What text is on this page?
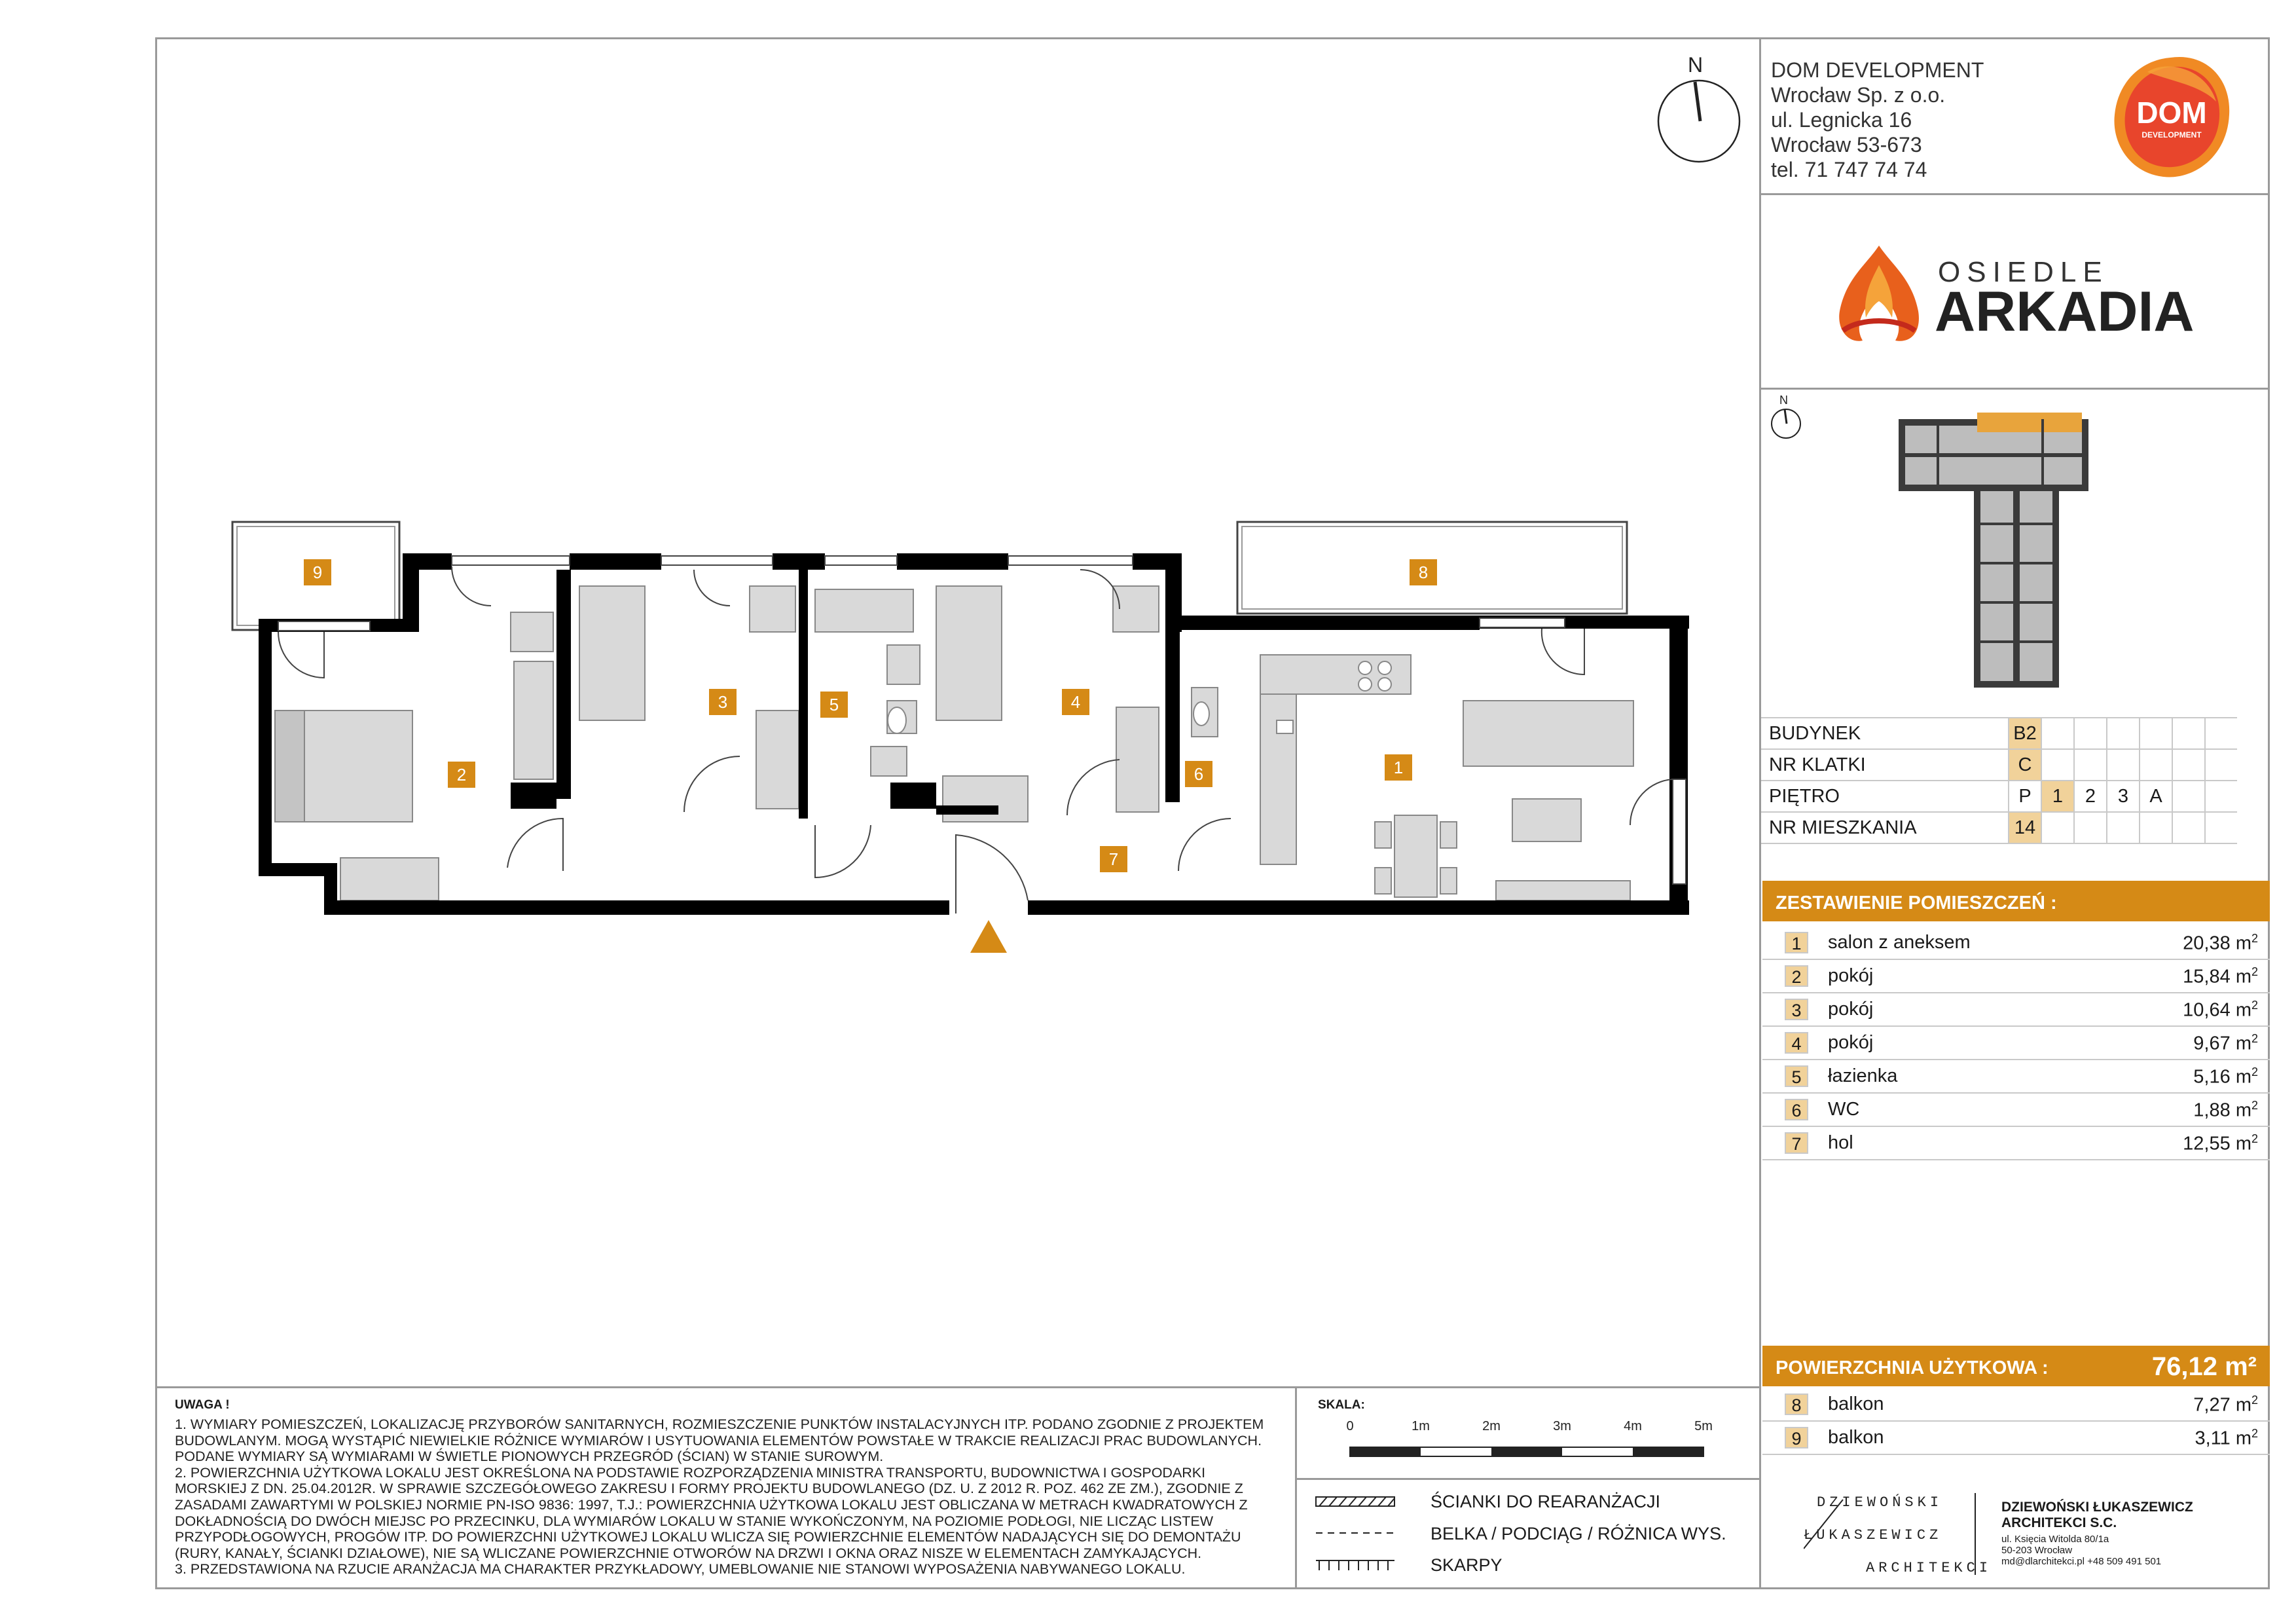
DOM DEVELOPMENT
Wrocław Sp. z o.o.
ul. Legnicka 16
Wrocław 53-673
tel. 71 747 74 74
DOM
DEVELOPMENT
N
OSIEDLE
ARKADIA
N
BUDYNEK	B2						
NR KLATKI	C						
PIĘTRO	P	1	2	3	A		
NR MIESZKANIA	14						
ZESTAWIENIE POMIESZCZEŃ :
1	salon z aneksem	20,38 $m^2$
2	pokój	15,84 $m^2$
3	pokój	10,64 $m^2$
4	pokój	9,67 $m^2$
5	łazienka	5,16 $m^2$
6	WC	1,88 $m^2$
7	hol	12,55 $m^2$
POWIERZCHNIA UŻYTKOWA :	76,12 m²
8	balkon	7,27 $m^2$
9	balkon	3,11 $m^2$
DZIEWOŃSKI
ŁUKASZEWICZ
ARCHITEKCI
DZIEWOŃSKI ŁUKASZEWICZ
ARCHITEKCI S.C.
ul. Księcia Witolda 80/1a
50-203 Wrocław
md@dlarchitekci.pl +48 509 491 501
UWAGA !
1. WYMIARY POMIESZCZEŃ, LOKALIZACJĘ PRZYBORÓW SANITARNYCH, ROZMIESZCZENIE PUNKTÓW INSTALACYJNYCH ITP. PODANO ZGODNIE Z PROJEKTEM
BUDOWLANYM. MOGĄ WYSTĄPIĆ NIEWIELKIE RÓŻNICE WYMIARÓW I USYTUOWANIA ELEMENTÓW POWSTAŁE W TRAKCIE REALIZACJI PRAC BUDOWLANYCH.
PODANE WYMIARY SĄ WYMIARAMI W ŚWIETLE PIONOWYCH PRZEGRÓD (ŚCIAN) W STANIE SUROWYM.
2. POWIERZCHNIA UŻYTKOWA LOKALU JEST OKREŚLONA NA PODSTAWIE ROZPORZĄDZENIA MINISTRA TRANSPORTU, BUDOWNICTWA I GOSPODARKI
MORSKIEJ Z DN. 25.04.2012R. W SPRAWIE SZCZEGÓŁOWEGO ZAKRESU I FORMY PROJEKTU BUDOWLANEGO (DZ. U. Z 2012 R. POZ. 462 ZE ZM.), ZGODNIE Z
ZASADAMI ZAWARTYMI W POLSKIEJ NORMIE PN-ISO 9836: 1997, T.J.: POWIERZCHNIA UŻYTKOWA LOKALU JEST OBLICZANA W METRACH KWADRATOWYCH Z
DOKŁADNOŚCIĄ DO DWÓCH MIEJSC PO PRZECINKU, DLA WYMIARÓW LOKALU W STANIE WYKOŃCZONYM, NA POZIOMIE PODŁOGI, NIE LICZĄC LISTEW
PRZYPODŁOGOWYCH, PROGÓW ITP. DO POWIERZCHNI UŻYTKOWEJ LOKALU WLICZA SIĘ POWIERZCHNIE ELEMENTÓW NADAJĄCYCH SIĘ DO DEMONTAŻU
(RURY, KANAŁY, ŚCIANKI DZIAŁOWE), NIE SĄ WLICZANE POWIERZCHNIE OTWORÓW NA DRZWI I OKNA ORAZ NISZE W ELEMENTACH ZAMYKAJĄCYCH.
3. PRZEDSTAWIONA NA RZUCIE ARANŻACJA MA CHARAKTER PRZYKŁADOWY, UMEBLOWANIE NIE STANOWI WYPOSAŻENIA NABYWANEGO LOKALU.
SKALA:
0	1m	2m	3m	4m	5m
ŚCIANKI DO REARANŻACJI
BELKA / PODCIĄG / RÓŻNICA WYS.
SKARPY
1
2
3	4
5
6
7
8
9
